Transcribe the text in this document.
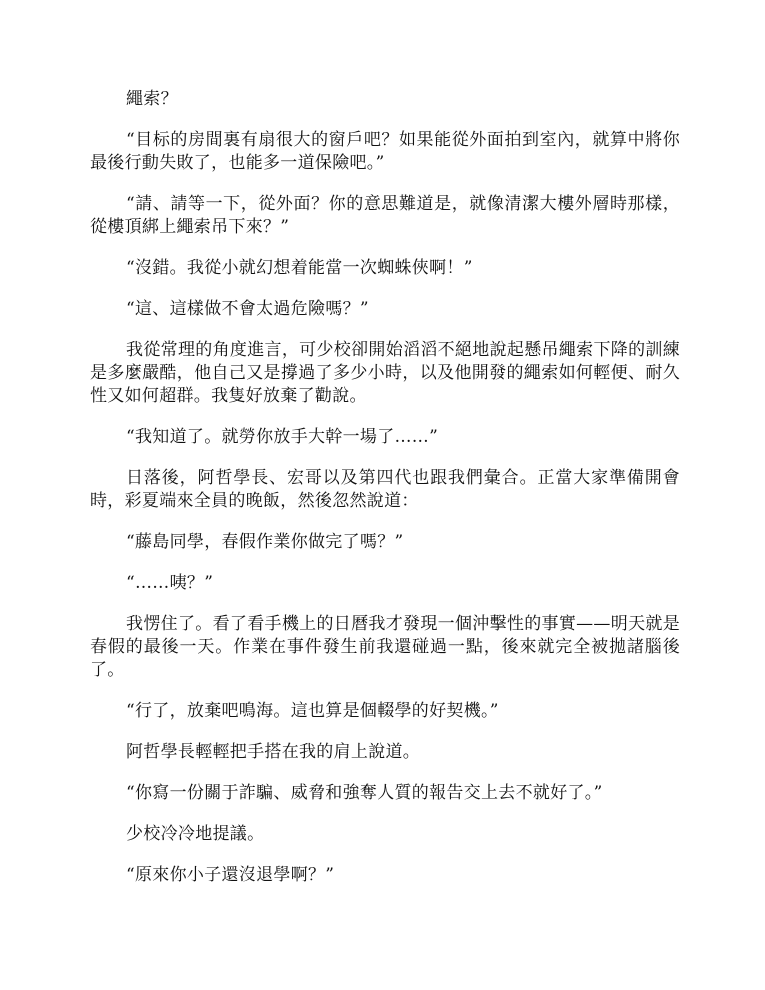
繩索？

“目标的房間裏有扇很大的窗戶吧？如果能從外面拍到室內，就算中將你最後行動失敗了，也能多一道保險吧。”

“請、請等一下，從外面？你的意思難道是，就像清潔大樓外層時那樣，從樓頂綁上繩索吊下來？”

“沒錯。我從小就幻想着能當一次蜘蛛俠啊！”

“這、這樣做不會太過危險嗎？”

我從常理的角度進言，可少校卻開始滔滔不絕地說起懸吊繩索下降的訓練是多麼嚴酷，他自己又是撐過了多少小時，以及他開發的繩索如何輕便、耐久性又如何超群。我隻好放棄了勸說。

“我知道了。就勞你放手大幹一場了……”

日落後，阿哲學長、宏哥以及第四代也跟我們彙合。正當大家準備開會時，彩夏端來全員的晚飯，然後忽然說道：

“藤島同學，春假作業你做完了嗎？”

“……咦？”

我愣住了。看了看手機上的日曆我才發現一個沖擊性的事實——明天就是春假的最後一天。作業在事件發生前我還碰過一點，後來就完全被拋諸腦後了。

“行了，放棄吧鳴海。這也算是個輟學的好契機。”

阿哲學長輕輕把手搭在我的肩上說道。

“你寫一份關于詐騙、威脅和強奪人質的報告交上去不就好了。”

少校冷冷地提議。

“原來你小子還沒退學啊？”
